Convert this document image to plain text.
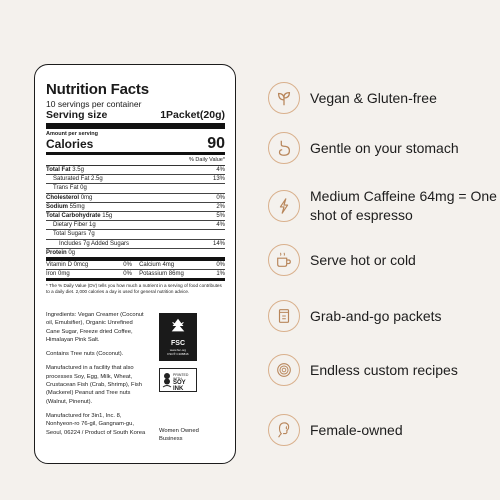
Nutrition Facts
10 servings per container
Serving size	1Packet(20g)
Amount per serving
Calories	90
% Daily Value*
Total Fat 3.5g	4%
Saturated Fat 2.5g	13%
Trans Fat 0g
Cholesterol 0mg	0%
Sodium 55mg	2%
Total Carbohydrate 15g	5%
Dietary Fiber 1g	4%
Total Sugars 7g
Includes 7g Added Sugars	14%
Protein 0g
Vitamin D 0mcg	0% Calcium 4mg	0%
Iron 0mg	0% Potassium 86mg	1%
* The % Daily Value (DV) tells you how much a nutrient in a serving of food contributes to a daily diet. 2,000 calories a day is used for general nutrition advice.

Ingredients: Vegan Creamer (Coconut oil, Emulsifier), Organic Unrefined Cane Sugar, Freeze dried Coffee, Himalayan Pink Salt.

Contains Tree nuts (Coconut).

Manufactured in a facility that also processes Soy, Egg, Milk, Wheat, Crustacean Fish (Crab, Shrimp), Fish (Mackerel) Peanut and Tree nuts (Walnut, Pinenut).

Manufactured for 3in1, Inc. 8, Nonhyeon-ro 76-gil, Gangnam-gu, Seoul, 06224 / Product of South Korea

FSC
www.fsc.org
FSC® C108816
PRINTED WITH
SOY INK
Women Owned Business
Vegan & Gluten-free
Gentle on your stomach
Medium Caffeine 64mg = One shot of espresso
Serve hot or cold
Grab-and-go packets
Endless custom recipes
Female-owned
